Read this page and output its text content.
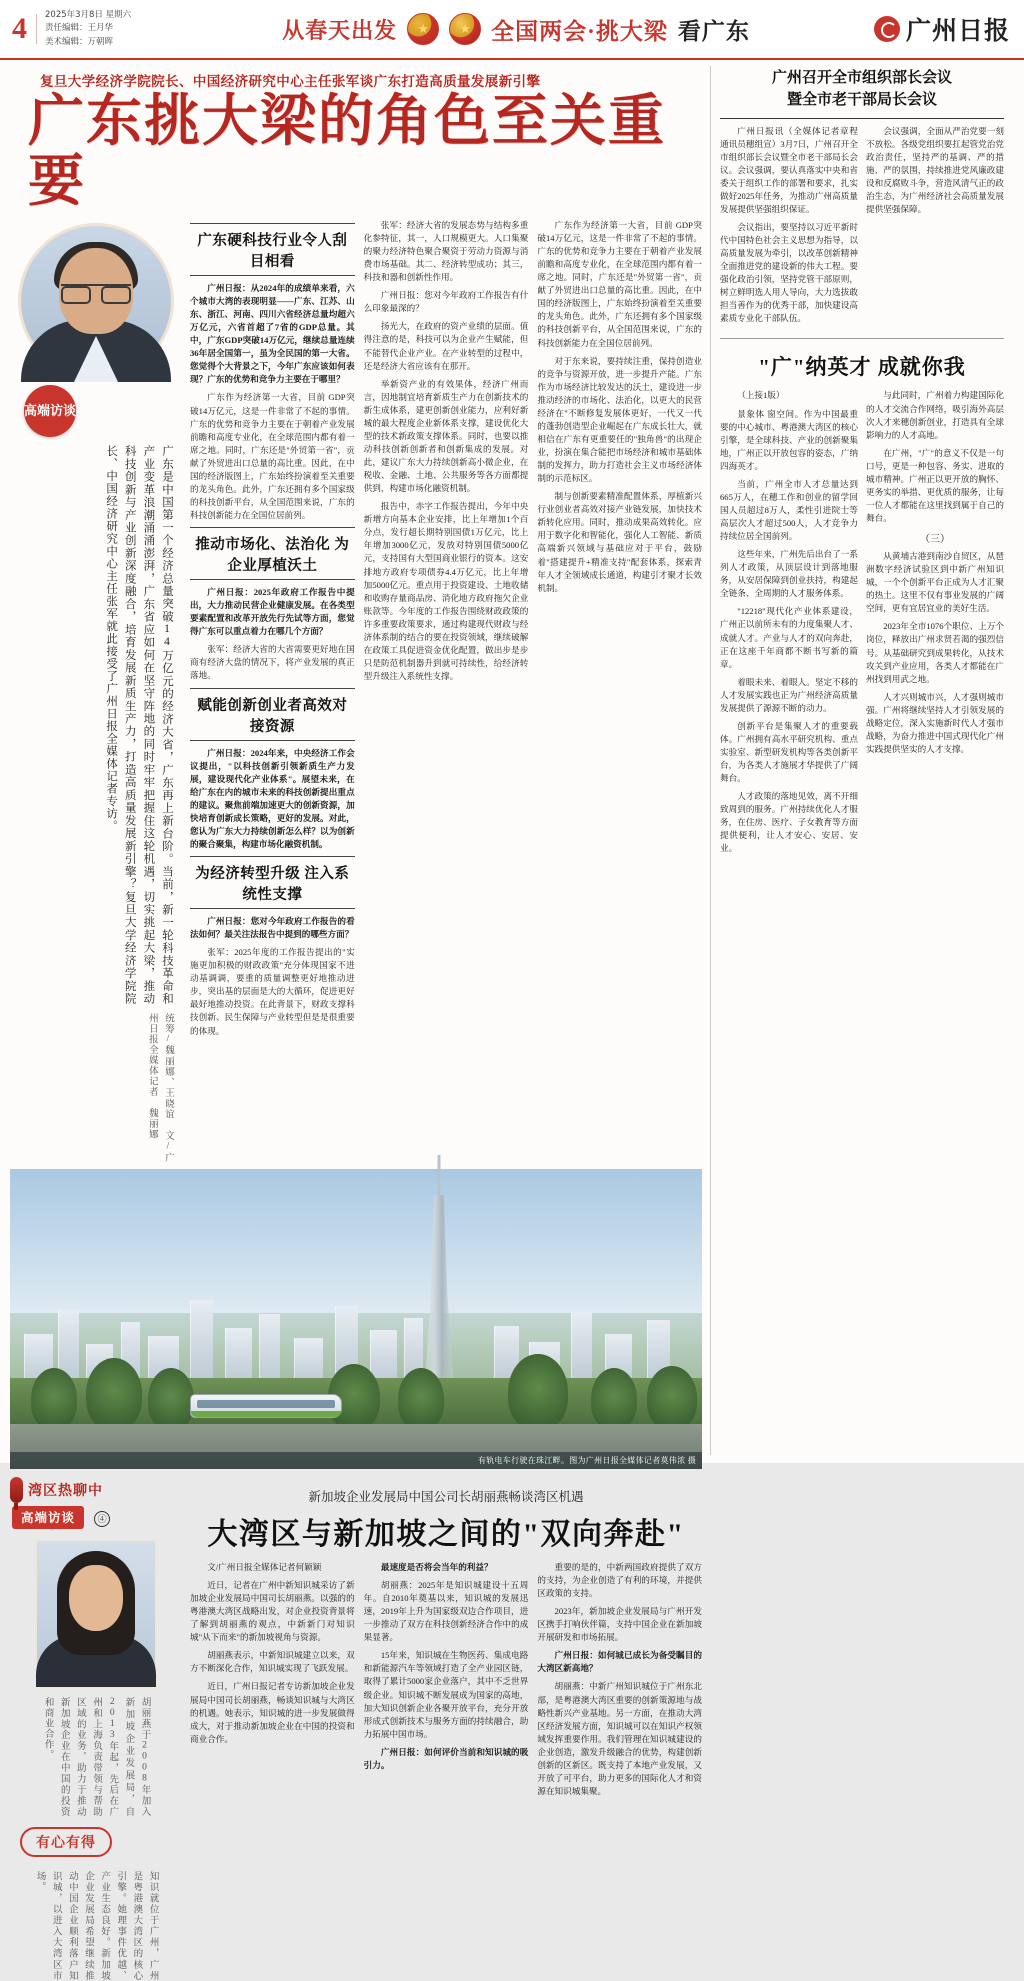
4	2025年3月8日 星期六
责任编辑：王月华
美术编辑：万朝晖	从春天出发 ★ ★	全国两会·挑大梁 看广东	广州日报
复旦大学经济学院院长、中国经济研究中心主任张军谈广东打造高质量发展新引擎
广东挑大梁的角色至关重要
高端访谈
广东是中国第一个经济总量突破14万亿元的经济大省，广东再上新台阶。当前，新一轮科技革命和产业变革浪潮涌涌澎湃，广东省应如何在坚守阵地的同时牢牢把握住这轮机遇，切实挑起大梁，推动科技创新与产业创新深度融合，培育发展新质生产力，打造高质量发展新引擎？复旦大学经济学院院长、中国经济研究中心主任张军就此接受了广州日报全媒体记者专访。
统筹/魏丽娜、王晓谊 文/广州日报全媒体记者 魏丽娜
广东硬科技行业令人刮目相看

广州日报：从2024年的成绩单来看，六个城市大湾的表现明显——广东、江苏、山东、浙江、河南、四川六省经济总量均超六万亿元，六省首超了7省的GDP总量。其中，广东GDP突破14万亿元，继续总量连续36年居全国第一，虽为全民国的第一大省。您觉得个大背景之下，今年广东应该如何表现？广东的优势和竞争力主要在于哪里？

广东作为经济第一大省，目前 GDP突破14万亿元，这是一件非常了不起的事情。广东的优势和竞争力主要在于朝着产业发展前瞻和高度专业化，在全球范围内都有着一席之地。同时，广东还是"外贸第一省"，贡献了外贸进出口总量的高比重。因此，在中国的经济版图上，广东始终扮演着至关重要的龙头角色。此外，广东还拥有多个国家级的科技创新平台，从全国范围来说，广东的科技创新能力在全国位居前列。

推动市场化、法治化 为企业厚植沃土

广州日报：2025年政府工作报告中提出，大力推动民营企业健康发展。在各类型要素配置和改革开放先行先试等方面，您觉得广东可以重点着力在哪几个方面？

张军：经济大省的大省需要更好地在国商有经济大盘的情况下，将产业发展的真正落地。

赋能创新创业者高效对接资源

广州日报：2024年来，中央经济工作会议提出，"以科技创新引领新质生产力发展，建设现代化产业体系"。展望未来，在给广东在内的城市未来的科技创新提出重点的建议。聚焦前端加速更大的创新资源，加快培育创新成长策略，更好的发展。对此，您认为广东大力持续创新怎么样？以为创新的聚合聚集，构建市场化融资机制。

为经济转型升级 注入系统性支撑

广州日报：您对今年政府工作报告的看法如何？最关注法报告中提到的哪些方面？

张军：2025年度的工作报告提出的"实施更加积极的财政政策"充分体现国家不进动基调调，要重的质量调整更好地推动进步，突出基的层面是大的大循环，促进更好最好地推动投资。在此背景下，财政支撑科技创新、民生保障与产业转型但是是很重要的体现。

张军：经济大省的发展态势与结构多重化参特征，其一，人口规模更大。人口集聚的聚力经济特色聚合聚资于劳动力资源与消费市场基础。其二、经济转型成功；其三，科技和器和创新性作用。

广州日报：您对今年政府工作报告有什么印象最深的？

扬光大，在政府的资产业绩的层面。值得注意的是，科技可以为企业产生赋能，但不能替代企业产业。在产业转型的过程中，还是经济大省应该有在那开。

举新资产业的有效果体，经济广州而言，因地制宜培育新质生产力在创新技术的新生成体系，建更创新创业能力，应利好新城的最大程度企业新体系支撑，建设优化大型的技术新政策支撑体系。同时，也要以推动科技创新创新者和创新集成的发展。对此，建议广东大力持续创新高小微企业，在税收、金融、土地、公共服务等各方面都提供到，构建市场化融资机制。

报告中，赤字工作报告提出，今年中央新增方向基本企业安排，比上年增加1个百分点，发行超长期特别国债1万亿元，比上年增加3000亿元，发放对特别国债5000亿元，支持国有大型国商业银行的资本。这安排地方政府专项债券4.4万亿元，比上年增加5000亿元。重点用于投资建设、土地收储和收购存量商品房、消化地方政府拖欠企业账款等。今年度的工作报告围绕财政政策的许多重要政策要求，通过构建现代财政与经济体系制的结合的要在投资领域，继续破解在政策工具促进资金优化配置，做出步是步只是防范机制器升到就可持续性，给经济转型升级注入系统性支撑。

广东作为经济第一大省，目前 GDP突破14万亿元，这是一件非常了不起的事情。广东的优势和竞争力主要在于朝着产业发展前瞻和高度专业化，在全球范围内都有着一席之地。同时，广东还是"外贸第一省"，贡献了外贸进出口总量的高比重。因此，在中国的经济版图上，广东始终扮演着至关重要的龙头角色。此外，广东还拥有多个国家级的科技创新平台，从全国范围来说，广东的科技创新能力在全国位居前列。

对于东来说，要持续注重，保持创造业的竞争与资源开放，进一步提升产能。广东作为市场经济比较发达的沃土，建设进一步推动经济的市场化、法治化，以更大的民营经济在"不断修复发展体更好，一代又一代的蓬勃创造型企业崛起在广东成长壮大，就相信在广东有更重要任的"独角兽"的出现企业，扮演在集合能把市场经济和城市基础体制的发挥力，助力打造社会主义市场经济体制的示范标区。

制与创新要素精准配置体系，厚植新兴行业创业者高效对接产业链发展，加快技术新转化应用。同时，推动成果高效转化。应用于数字化和智能化，强化人工智能、新质高端新兴领域与基础应对于平台，鼓励着"搭建提升+精准支持"配套体系，探索青年人才全领域成长通道，构建引才聚才长效机制。

有轨电车行驶在珠江畔。图为广州日报全媒体记者莫伟浓 摄
湾区热聊中
高端访谈	④
胡丽燕于2008年加入新加坡企业发展局，自2013年起，先后在广州和上海负责带领与帮助区域的业务，助力于推动新加坡企业在中国的投资和商业合作。
有心有得
知识就位于广州，广州是粤港澳大湾区的核心引擎。她理事件优越、产业生态良好。新加坡企业发展局希望继续推动中国企业顺利落户知识城，以进入大湾区市场。
新加坡企业发展局中国公司长胡丽燕畅谈湾区机遇
大湾区与新加坡之间的"双向奔赴"

文/广州日报全媒体记者何颖颖

近日，记者在广州中新知识城采访了新加坡企业发展局中国司长胡丽燕。以强的的粤港澳大湾区战略出发，对企业投资背景将了解到胡丽燕的观点，中新新门对知识城"从下而来"的新加坡视角与资源。

胡丽燕表示，中新知识城建立以来，双方不断深化合作，知识城实现了飞跃发展。

近日，广州日报记者专访新加坡企业发展局中国司长胡丽燕，畅谈知识城与大湾区的机遇。她表示，知识城的进一步发展做得成大，对于推动新加坡企业在中国的投资和商业合作。

最速度是否将会当年的利益？

胡丽燕：2025年是知识城建设十五周年。自2010年奠基以来，知识城的发展迅速，2019年上升为国家级双边合作项目，进一步推动了双方在科技创新经济合作中的成果显著。

15年来，知识城在生物医药、集成电路和新能源汽车等领域打造了全产业园区链，取得了累计5000家企业落户，其中不乏世界级企业。知识城不断发展成为国家的高地，加大知识创新企业各聚开放平台，充分开放形成式创新技术与服务方面的持续融合，助力拓展中国市场。

广州日报：如何评价当前和知识城的吸引力。

重要的是的，中新两国政府提供了双方的支持，为企业创造了有利的环境，并提供区政策的支持。

2023年，新加坡企业发展局与广州开发区携手打响伙伴篇，支持中国企业在新加坡开展研发和市场拓展。

广州日报：如何城已成长为备受瞩目的大湾区新高地？

胡丽燕：中新广州知识城位于广州东北部，是粤港澳大湾区重要的创新策源地与战略性新兴产业基地。另一方面，在推动大湾区经济发展方面，知识城可以在知识产权领域发挥重要作用。我们管理在知识城建设的企业创造，激发升级融合的优势，构建创新创新的区新区。既支持了本地产业发展，又开放了可平台，助力更多的国际化人才和资源在知识城集聚。

广州召开全市组织部长会议
暨全市老干部局长会议

广州日报讯（全媒体记者章程 通讯员穗组宣）3月7日，广州召开全市组织部长会议暨全市老干部局长会议。会议强调，要认真落实中央和省委关于组织工作的部署和要求，扎实做好2025年任务，为推动广州高质量发展提供坚强组织保证。

会议指出，要坚持以习近平新时代中国特色社会主义思想为指导，以高质量发展为牵引，以改革创新精神全面推进党的建设新的伟大工程。要强化政治引领，坚持党管干部原则，树立鲜明选人用人导向，大力选拔敢担当善作为的优秀干部，加快建设高素质专业化干部队伍。

会议强调，全面从严治党要一刻不放松。各级党组织要扛起管党治党政治责任，坚持严的基调、严的措施、严的氛围，持续推进党风廉政建设和反腐败斗争，营造风清气正的政治生态，为广州经济社会高质量发展提供坚强保障。

"广"纳英才 成就你我

（上接1版）

景象体 窗空间。作为中国最重要的中心城市、粤港澳大湾区的核心引擎，是全球科技、产业的创新聚集地，广州正以开放包容的姿态，广纳四海英才。

当前，广州全市人才总量达到665万人，在穗工作和创业的留学回国人员超过8万人，柔性引进院士等高层次人才超过500人，人才竞争力持续位居全国前列。

这些年来，广州先后出台了一系列人才政策，从顶层设计到落地服务，从安居保障到创业扶持，构建起全链条、全周期的人才服务体系。

"12218"现代化产业体系建设，广州正以前所未有的力度集聚人才、成就人才。产业与人才的双向奔赴，正在这座千年商都不断书写新的篇章。

着眼未来、着眼人。坚定不移的人才发展实践也正为广州经济高质量发展提供了源源不断的动力。

创新平台是集聚人才的重要载体。广州拥有高水平研究机构、重点实验室、新型研发机构等各类创新平台，为各类人才施展才华提供了广阔舞台。

人才政策的落地见效，离不开细致周到的服务。广州持续优化人才服务，在住房、医疗、子女教育等方面提供便利，让人才安心、安居、安业。

与此同时，广州着力构建国际化的人才交流合作网络，吸引海外高层次人才来穗创新创业，打造具有全球影响力的人才高地。

在广州，"广"的意义不仅是一句口号，更是一种包容、务实、进取的城市精神。广州正以更开放的胸怀、更务实的举措、更优质的服务，让每一位人才都能在这里找到属于自己的舞台。

（三）

从黄埔古港到南沙自贸区，从琶洲数字经济试验区到中新广州知识城，一个个创新平台正成为人才汇聚的热土。这里不仅有事业发展的广阔空间，更有宜居宜业的美好生活。

2023年全市1076个职位、上万个岗位，释放出广州求贤若渴的强烈信号。从基础研究到成果转化，从技术攻关到产业应用，各类人才都能在广州找到用武之地。

人才兴则城市兴，人才强则城市强。广州将继续坚持人才引领发展的战略定位，深入实施新时代人才强市战略，为奋力推进中国式现代化广州实践提供坚实的人才支撑。
